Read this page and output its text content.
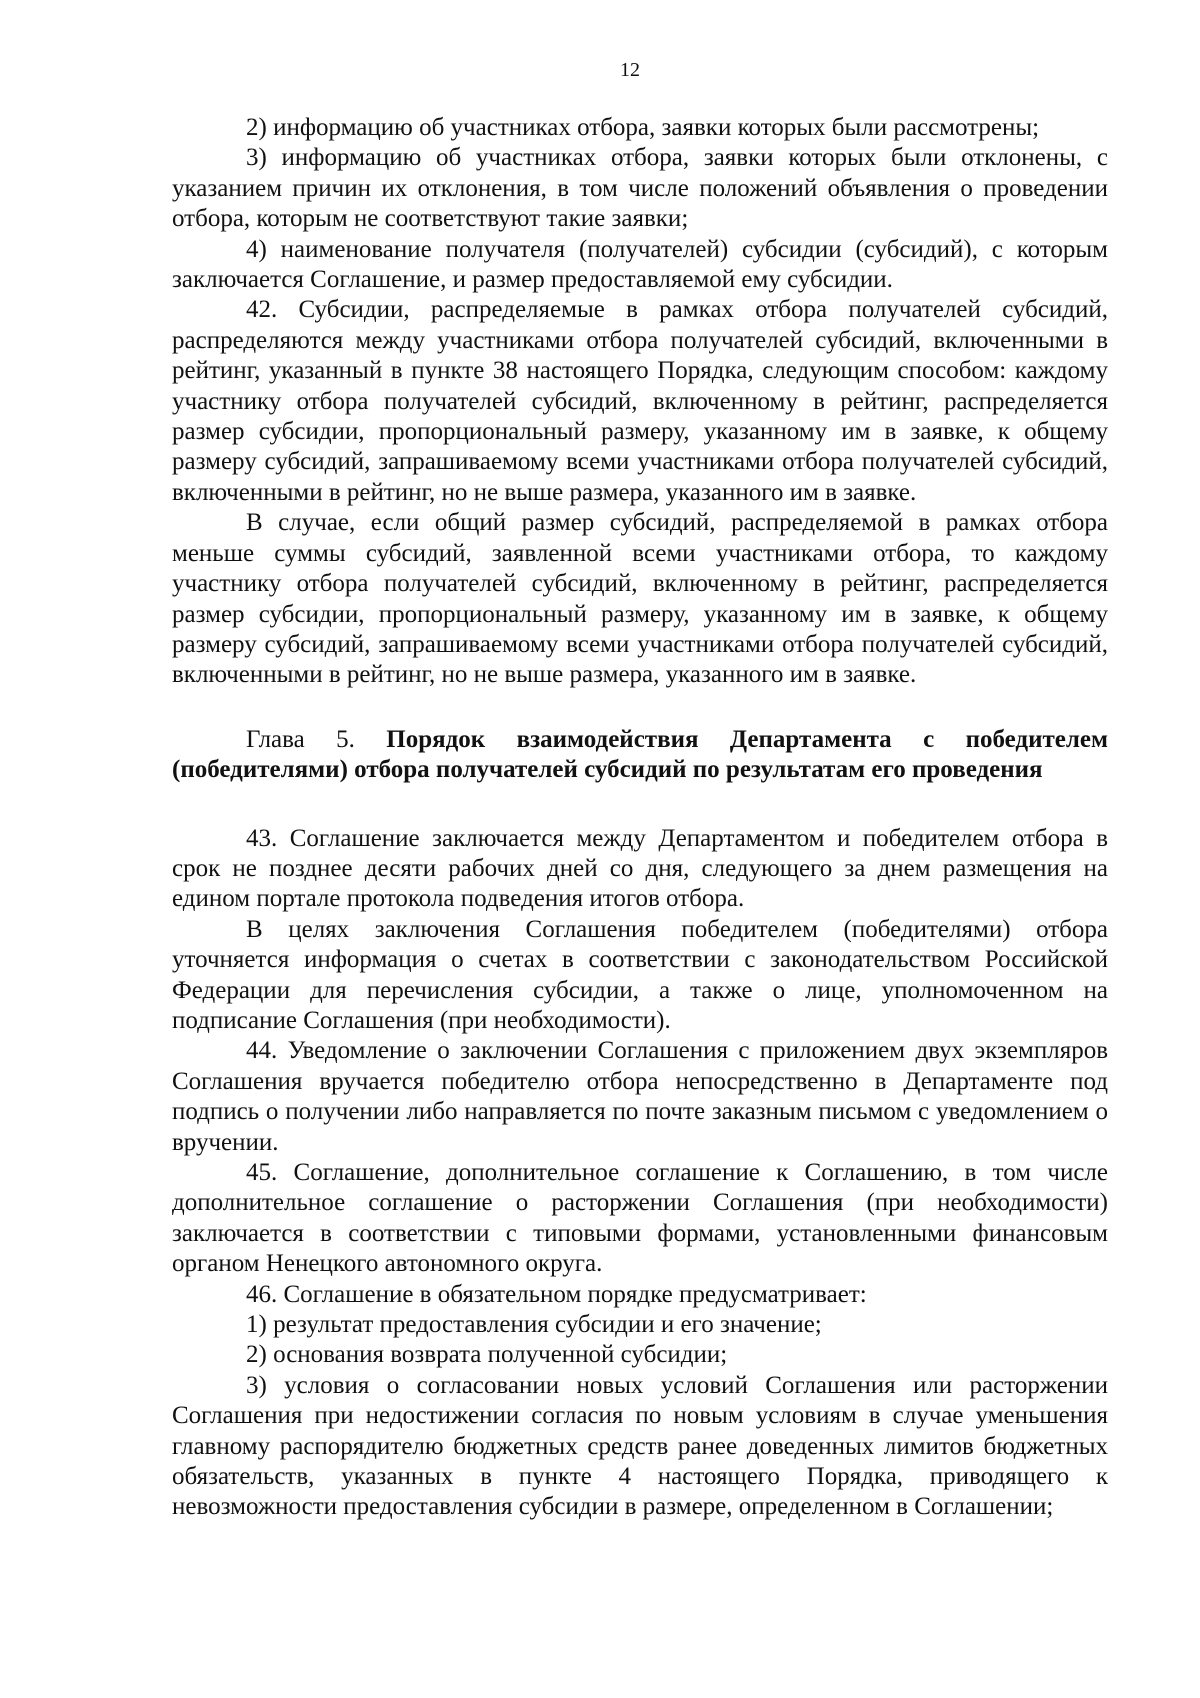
12

2) информацию об участниках отбора, заявки которых были рассмотрены;

3) информацию об участниках отбора, заявки которых были отклонены, с указанием причин их отклонения, в том числе положений объявления о проведении отбора, которым не соответствуют такие заявки;

4) наименование получателя (получателей) субсидии (субсидий), с которым заключается Соглашение, и размер предоставляемой ему субсидии.

42. Субсидии, распределяемые в рамках отбора получателей субсидий, распределяются между участниками отбора получателей субсидий, включенными в рейтинг, указанный в пункте 38 настоящего Порядка, следующим способом: каждому участнику отбора получателей субсидий, включенному в рейтинг, распределяется размер субсидии, пропорциональный размеру, указанному им в заявке, к общему размеру субсидий, запрашиваемому всеми участниками отбора получателей субсидий, включенными в рейтинг, но не выше размера, указанного им в заявке.

В случае, если общий размер субсидий, распределяемой в рамках отбора меньше суммы субсидий, заявленной всеми участниками отбора, то каждому участнику отбора получателей субсидий, включенному в рейтинг, распределяется размер субсидии, пропорциональный размеру, указанному им в заявке, к общему размеру субсидий, запрашиваемому всеми участниками отбора получателей субсидий, включенными в рейтинг, но не выше размера, указанного им в заявке.

Глава 5. Порядок взаимодействия Департамента с победителем (победителями) отбора получателей субсидий по результатам его проведения

43. Соглашение заключается между Департаментом и победителем отбора в срок не позднее десяти рабочих дней со дня, следующего за днем размещения на едином портале протокола подведения итогов отбора.

В целях заключения Соглашения победителем (победителями) отбора уточняется информация о счетах в соответствии с законодательством Российской Федерации для перечисления субсидии, а также о лице, уполномоченном на подписание Соглашения (при необходимости).

44. Уведомление о заключении Соглашения с приложением двух экземпляров Соглашения вручается победителю отбора непосредственно в Департаменте под подпись о получении либо направляется по почте заказным письмом с уведомлением о вручении.

45. Соглашение, дополнительное соглашение к Соглашению, в том числе дополнительное соглашение о расторжении Соглашения (при необходимости) заключается в соответствии с типовыми формами, установленными финансовым органом Ненецкого автономного округа.

46. Соглашение в обязательном порядке предусматривает:

1) результат предоставления субсидии и его значение;

2) основания возврата полученной субсидии;

3) условия о согласовании новых условий Соглашения или расторжении Соглашения при недостижении согласия по новым условиям в случае уменьшения главному распорядителю бюджетных средств ранее доведенных лимитов бюджетных обязательств, указанных в пункте 4 настоящего Порядка, приводящего к невозможности предоставления субсидии в размере, определенном в Соглашении;
